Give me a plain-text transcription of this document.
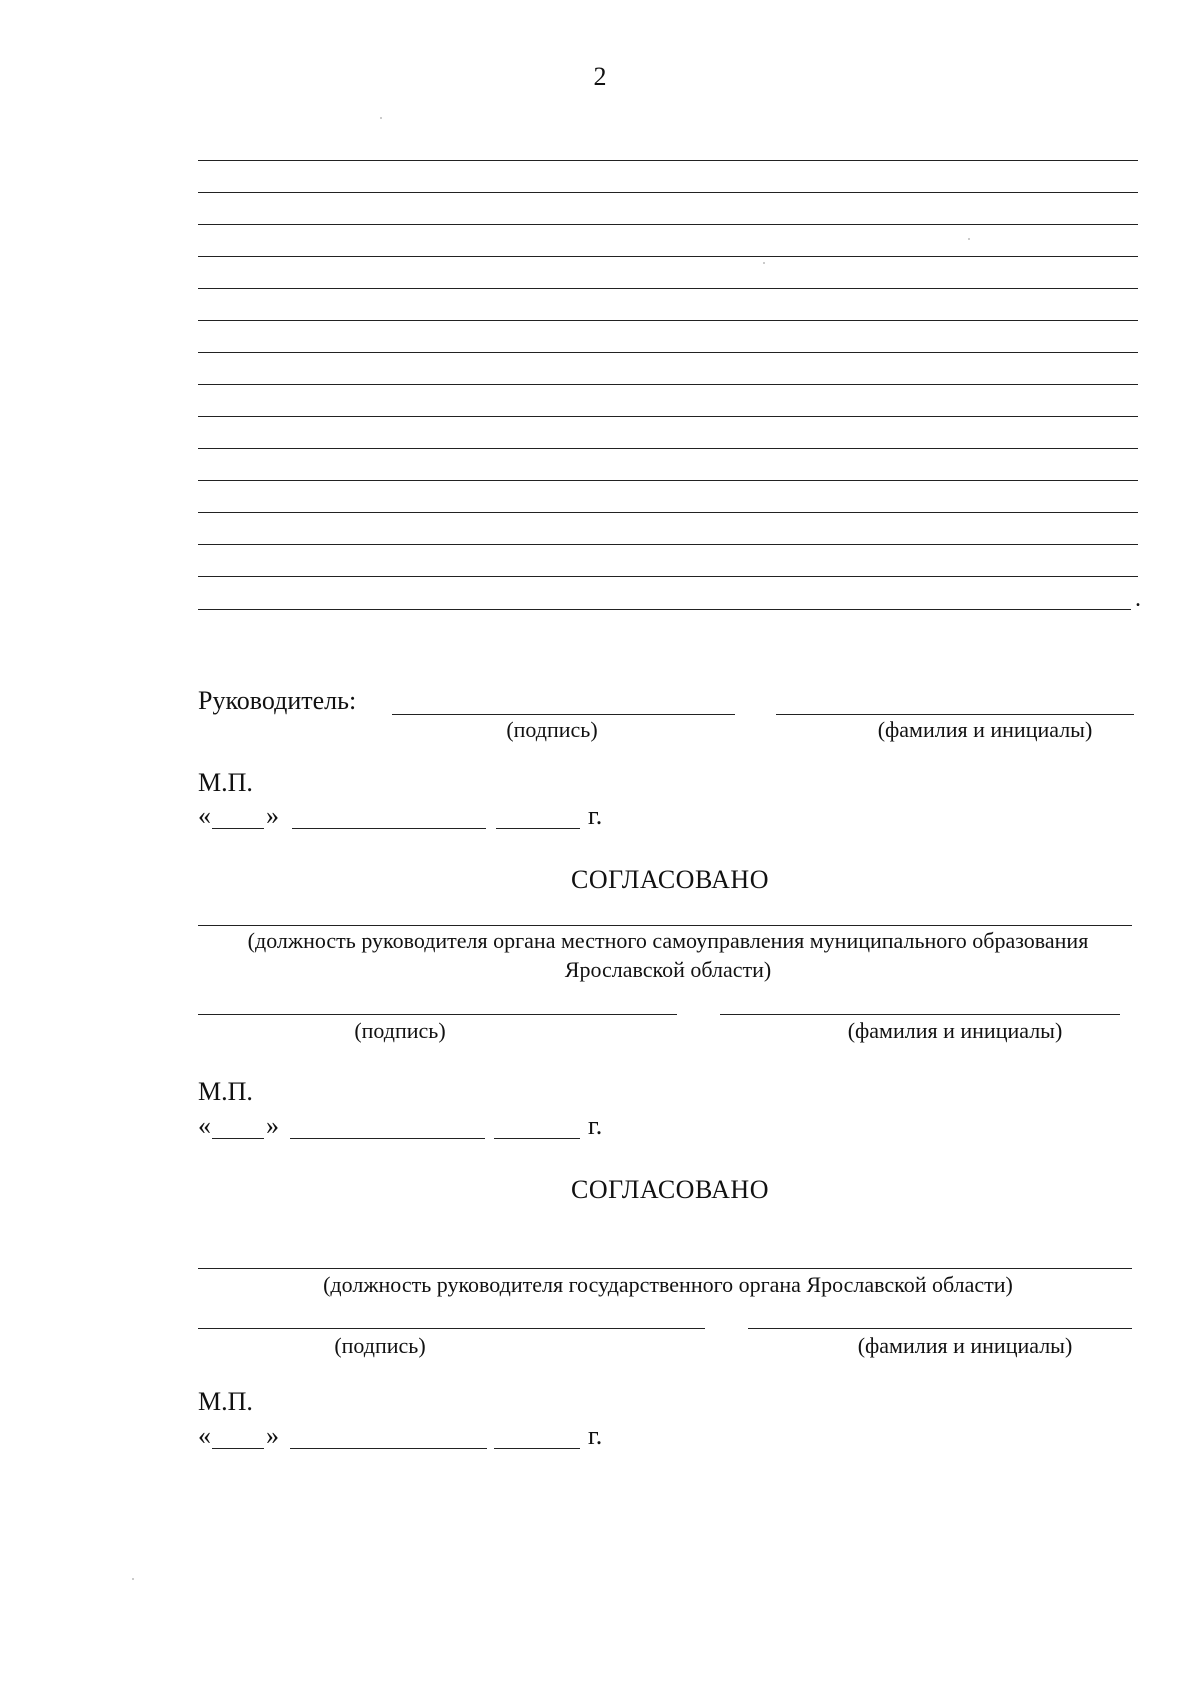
2
.
Руководитель:
(подпись)	(фамилия и инициалы)
М.П.
« »	г.
СОГЛАСОВАНО
(должность руководителя органа местного самоуправления муниципального образования
Ярославской области)
(подпись)	(фамилия и инициалы)
М.П.
« »	г.
СОГЛАСОВАНО
(должность руководителя государственного органа Ярославской области)
(подпись)	(фамилия и инициалы)
М.П.
« »	г.
